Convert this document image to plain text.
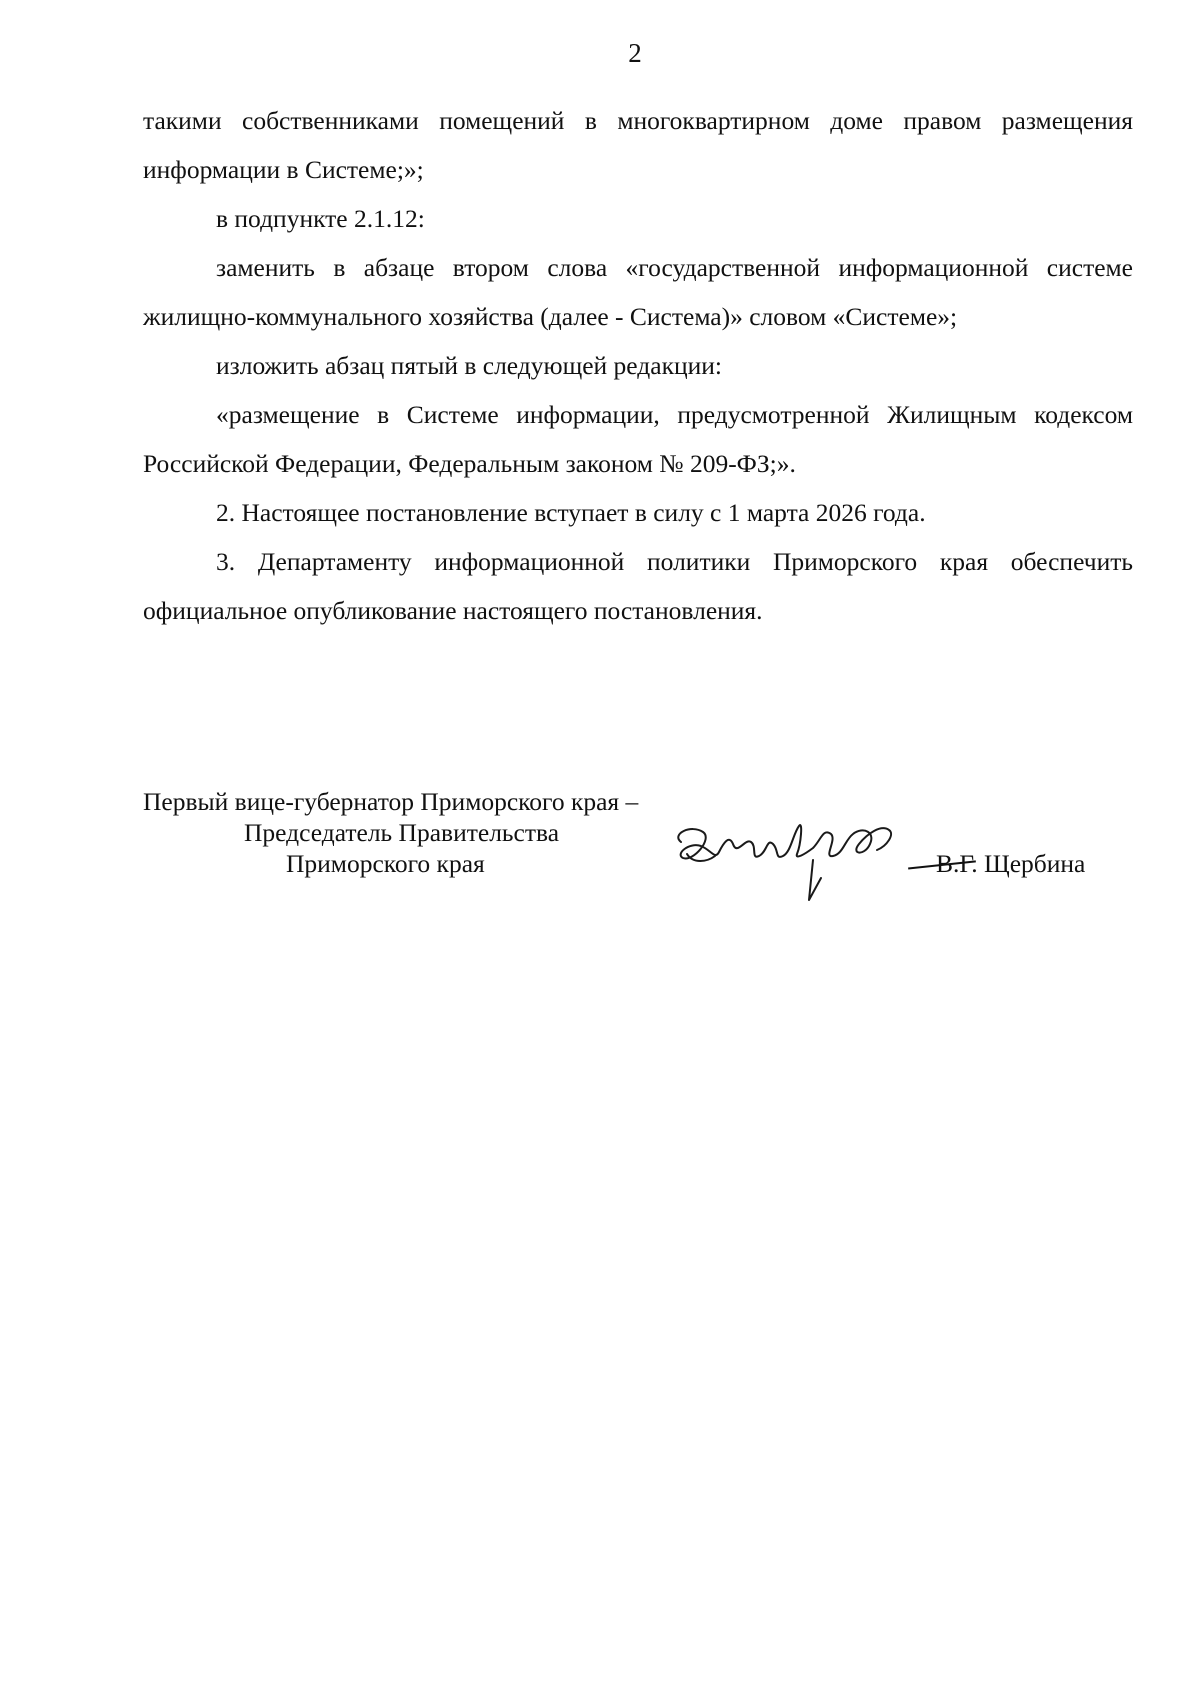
2

такими собственниками помещений в многоквартирном доме правом размещения информации в Системе;»;

в подпункте 2.1.12:

заменить в абзаце втором слова «государственной информационной системе жилищно-коммунального хозяйства (далее - Система)» словом «Системе»;

изложить абзац пятый в следующей редакции:

«размещение в Системе информации, предусмотренной Жилищным кодексом Российской Федерации, Федеральным законом № 209-ФЗ;».

2. Настоящее постановление вступает в силу с 1 марта 2026 года.

3. Департаменту информационной политики Приморского края обеспечить официальное опубликование настоящего постановления.

Первый вице-губернатор Приморского края –
Председатель Правительства
Приморского края	В.Г. Щербина
